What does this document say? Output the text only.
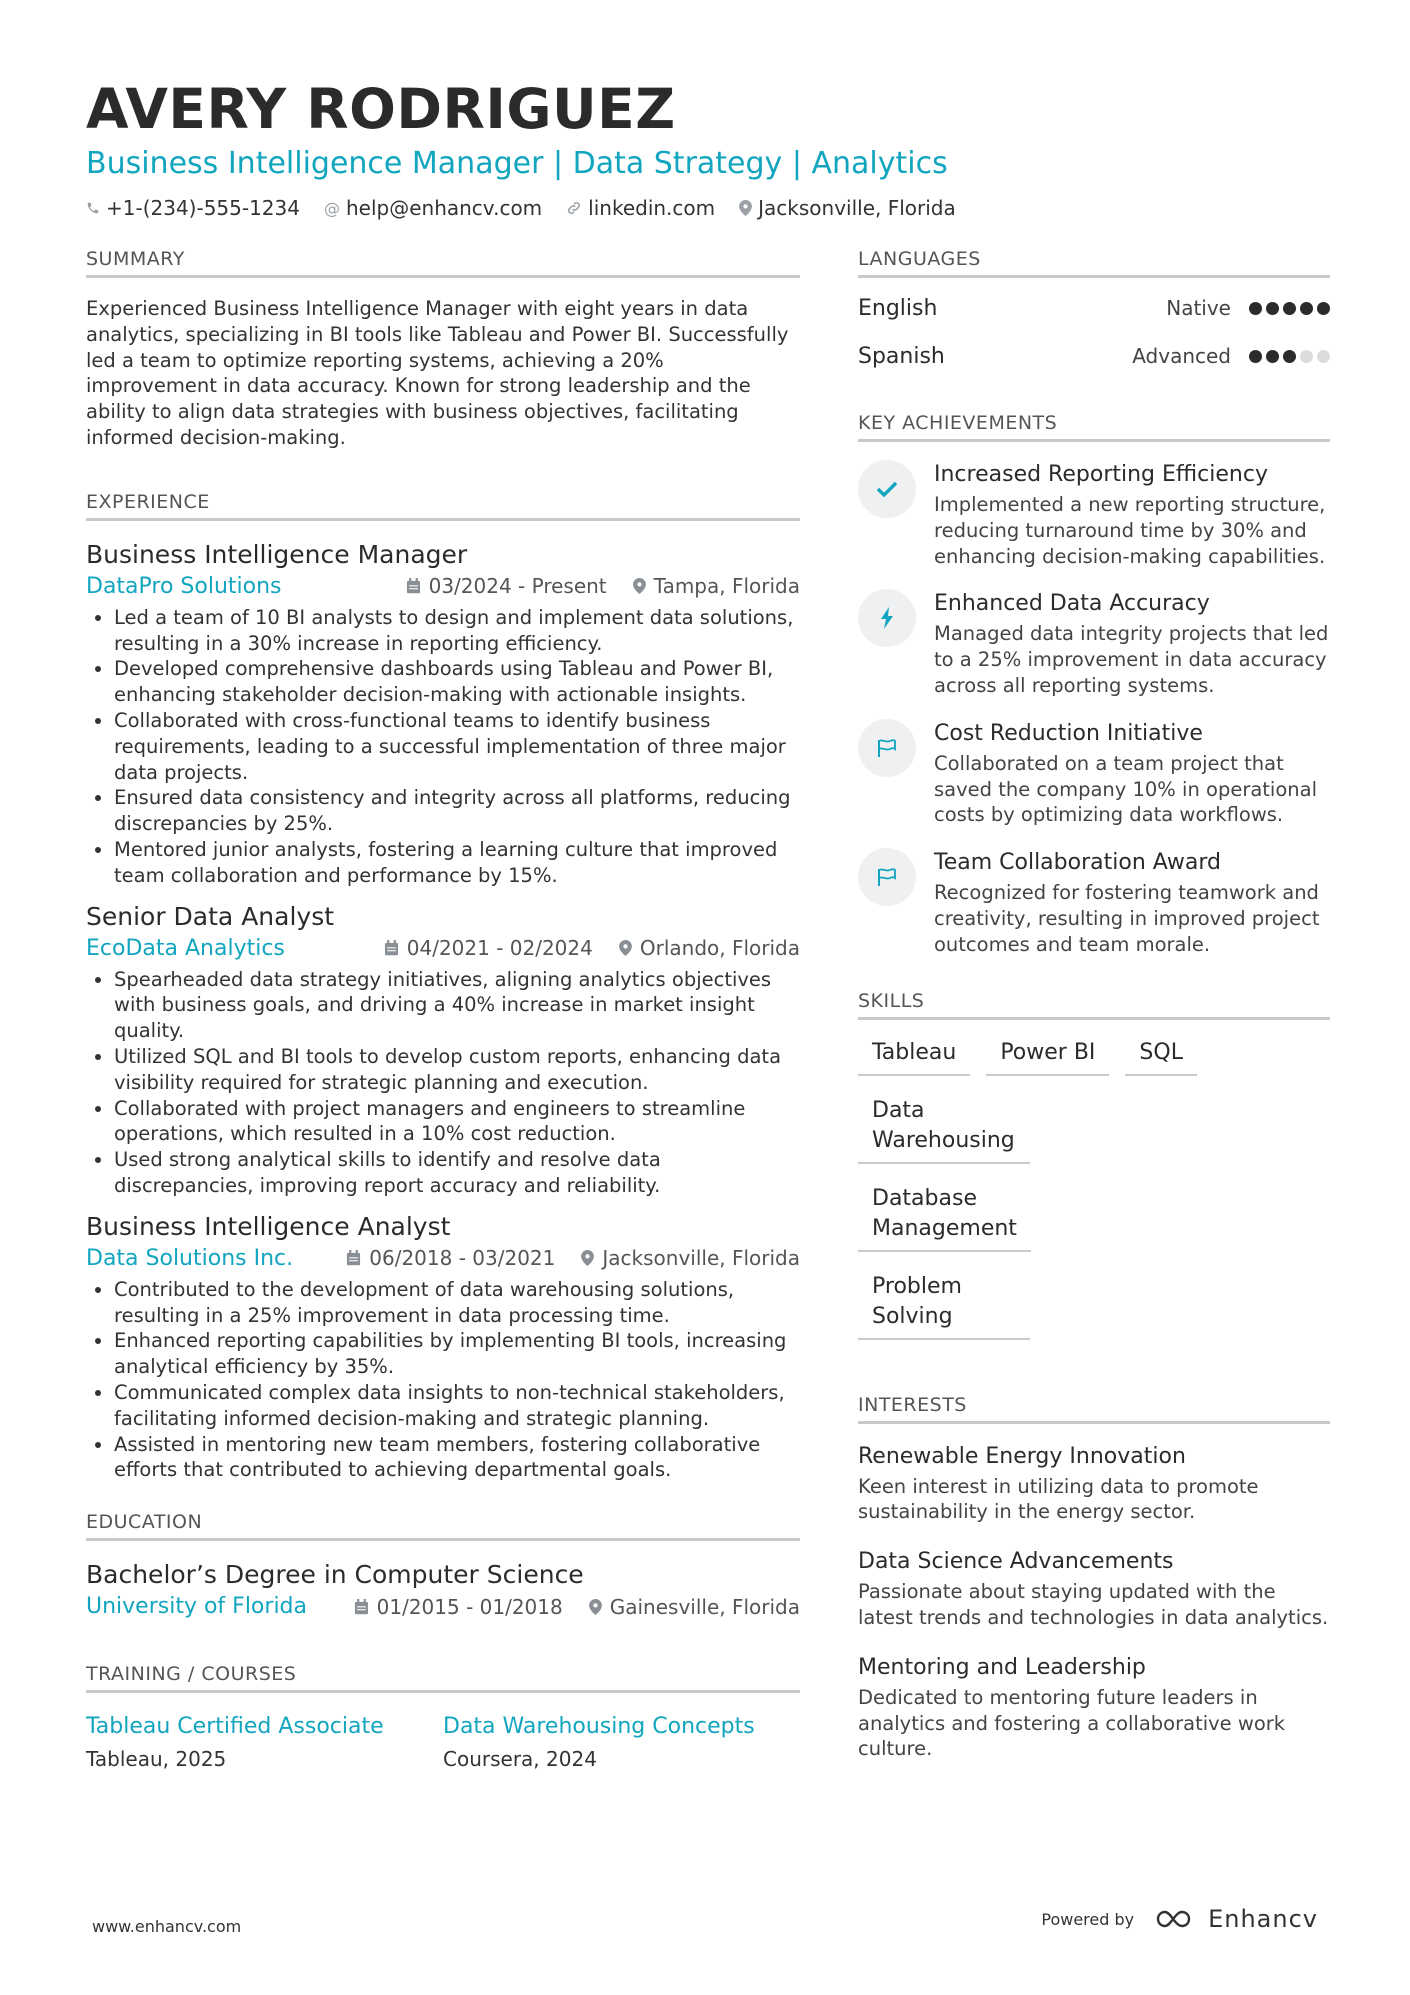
AVERY RODRIGUEZ
Business Intelligence Manager | Data Strategy | Analytics
+1-(234)-555-1234 @ help@enhancv.com linkedin.com Jacksonville, Florida
SUMMARY
Experienced Business Intelligence Manager with eight years in data analytics, specializing in BI tools like Tableau and Power BI. Successfully led a team to optimize reporting systems, achieving a 20% improvement in data accuracy. Known for strong leadership and the ability to align data strategies with business objectives, facilitating informed decision-making.
EXPERIENCE
Business Intelligence Manager
DataPro Solutions	03/2024 - Present Tampa, Florida
• Led a team of 10 BI analysts to design and implement data solutions, resulting in a 30% increase in reporting efficiency.
• Developed comprehensive dashboards using Tableau and Power BI, enhancing stakeholder decision-making with actionable insights.
• Collaborated with cross-functional teams to identify business requirements, leading to a successful implementation of three major data projects.
• Ensured data consistency and integrity across all platforms, reducing discrepancies by 25%.
• Mentored junior analysts, fostering a learning culture that improved team collaboration and performance by 15%.
Senior Data Analyst
EcoData Analytics	04/2021 - 02/2024 Orlando, Florida
• Spearheaded data strategy initiatives, aligning analytics objectives with business goals, and driving a 40% increase in market insight quality.
• Utilized SQL and BI tools to develop custom reports, enhancing data visibility required for strategic planning and execution.
• Collaborated with project managers and engineers to streamline operations, which resulted in a 10% cost reduction.
• Used strong analytical skills to identify and resolve data discrepancies, improving report accuracy and reliability.
Business Intelligence Analyst
Data Solutions Inc.	06/2018 - 03/2021 Jacksonville, Florida
• Contributed to the development of data warehousing solutions, resulting in a 25% improvement in data processing time.
• Enhanced reporting capabilities by implementing BI tools, increasing analytical efficiency by 35%.
• Communicated complex data insights to non-technical stakeholders, facilitating informed decision-making and strategic planning.
• Assisted in mentoring new team members, fostering collaborative efforts that contributed to achieving departmental goals.
EDUCATION
Bachelor’s Degree in Computer Science
University of Florida	01/2015 - 01/2018 Gainesville, Florida
TRAINING / COURSES
Tableau Certified Associate
Tableau, 2025
Data Warehousing Concepts
Coursera, 2024
LANGUAGES
English	Native
Spanish	Advanced
KEY ACHIEVEMENTS
Increased Reporting Efficiency
Implemented a new reporting structure, reducing turnaround time by 30% and enhancing decision-making capabilities.
Enhanced Data Accuracy
Managed data integrity projects that led to a 25% improvement in data accuracy across all reporting systems.
Cost Reduction Initiative
Collaborated on a team project that saved the company 10% in operational costs by optimizing data workflows.
Team Collaboration Award
Recognized for fostering teamwork and creativity, resulting in improved project outcomes and team morale.
SKILLS
Tableau	Power BI	SQL
Data Warehousing
Database Management
Problem Solving
INTERESTS
Renewable Energy Innovation
Keen interest in utilizing data to promote sustainability in the energy sector.
Data Science Advancements
Passionate about staying updated with the latest trends and technologies in data analytics.
Mentoring and Leadership
Dedicated to mentoring future leaders in analytics and fostering a collaborative work culture.
www.enhancv.com	Powered by	Enhancv
